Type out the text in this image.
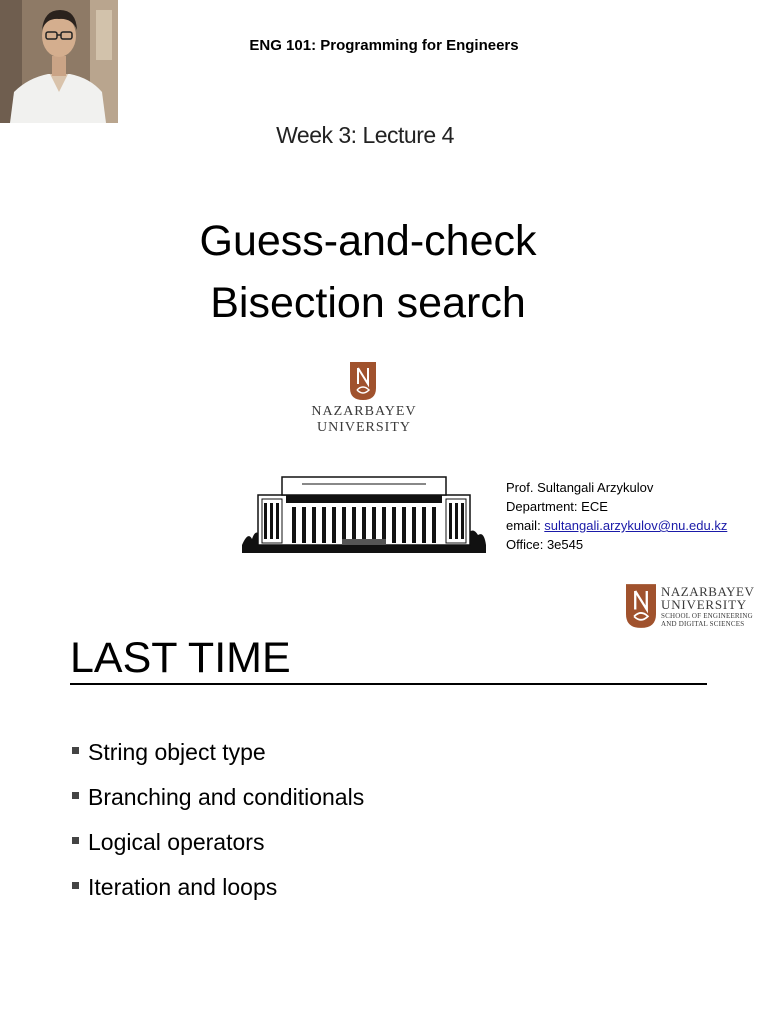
ENG 101: Programming for Engineers
Week 3: Lecture 4
Guess-and-check
Bisection search
NAZARBAYEV
UNIVERSITY
Prof. Sultangali Arzykulov
Department: ECE
email: sultangali.arzykulov@nu.edu.kz
Office: 3e545
NAZARBAYEV
UNIVERSITY
SCHOOL OF ENGINEERING
AND DIGITAL SCIENCES
LAST TIME
String object type
Branching and conditionals
Logical operators
Iteration and loops
